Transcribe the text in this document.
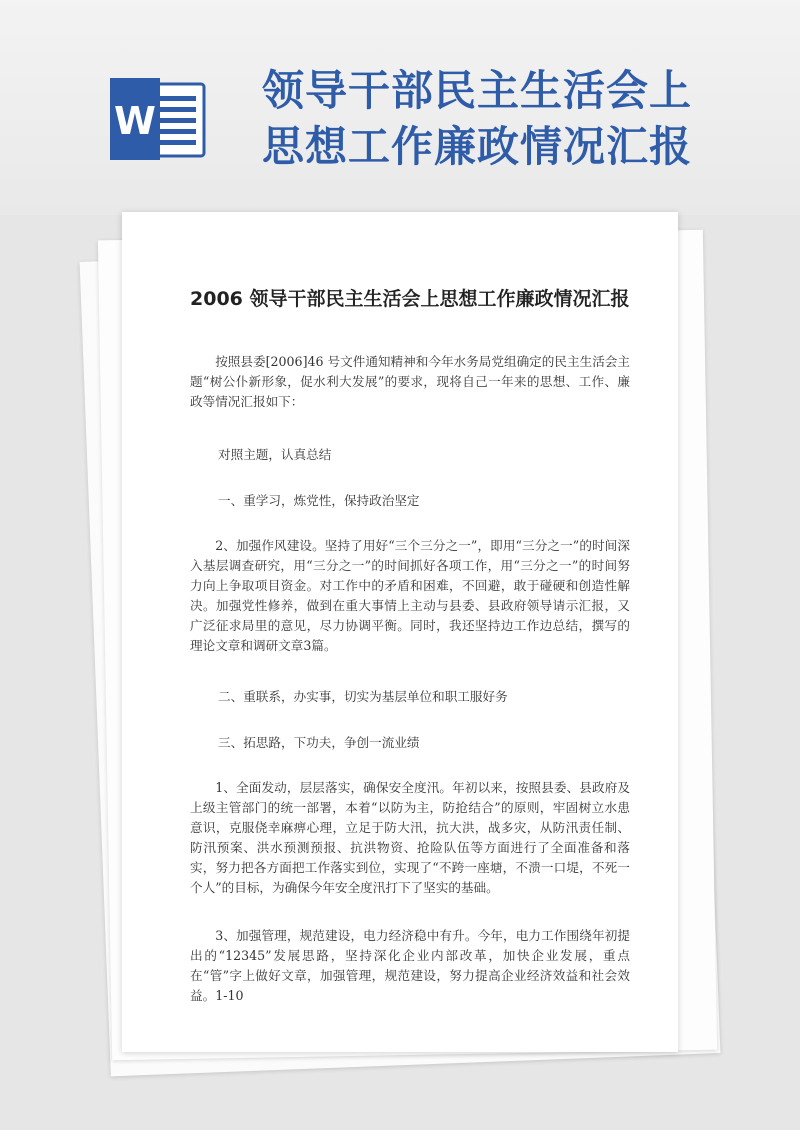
W
领导干部民主生活会上
思想工作廉政情况汇报
2006 领导干部民主生活会上思想工作廉政情况汇报
按照县委[2006]46 号文件通知精神和今年水务局党组确定的民主生活会主题“树公仆新形象，促水利大发展”的要求，现将自己一年来的思想、工作、廉政等情况汇报如下：
对照主题，认真总结
一、重学习，炼党性，保持政治坚定
2、加强作风建设。坚持了用好“三个三分之一”，即用“三分之一”的时间深入基层调查研究，用“三分之一”的时间抓好各项工作，用“三分之一”的时间努力向上争取项目资金。对工作中的矛盾和困难，不回避，敢于碰硬和创造性解决。加强党性修养，做到在重大事情上主动与县委、县政府领导请示汇报，又广泛征求局里的意见，尽力协调平衡。同时，我还坚持边工作边总结，撰写的理论文章和调研文章3篇。
二、重联系，办实事，切实为基层单位和职工服好务
三、拓思路，下功夫，争创一流业绩
1、全面发动，层层落实，确保安全度汛。年初以来，按照县委、县政府及上级主管部门的统一部署，本着“以防为主，防抢结合”的原则，牢固树立水患意识，克服侥幸麻痹心理，立足于防大汛，抗大洪，战多灾，从防汛责任制、防汛预案、洪水预测预报、抗洪物资、抢险队伍等方面进行了全面准备和落实，努力把各方面把工作落实到位，实现了“不跨一座塘，不溃一口堤，不死一个人”的目标，为确保今年安全度汛打下了坚实的基础。
3、加强管理，规范建设，电力经济稳中有升。今年，电力工作围绕年初提出的“12345”发展思路，坚持深化企业内部改革，加快企业发展，重点在“管”字上做好文章，加强管理，规范建设，努力提高企业经济效益和社会效益。1-10
